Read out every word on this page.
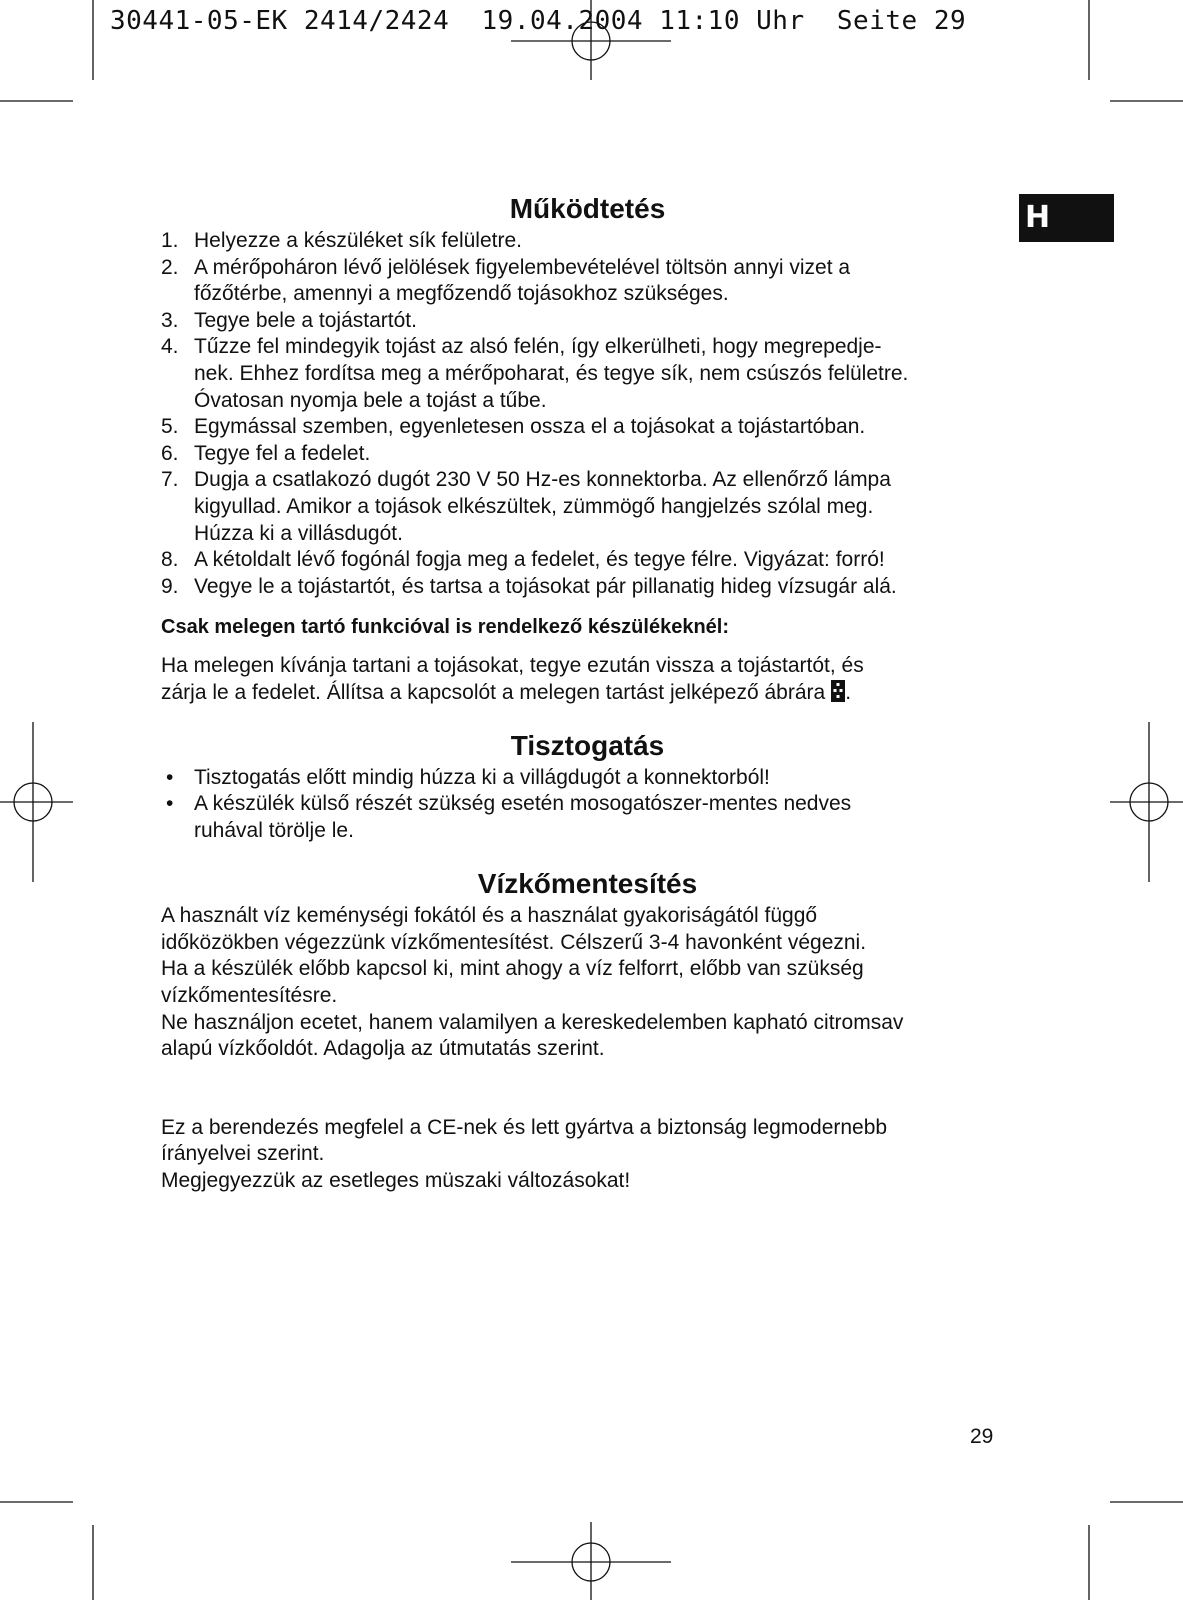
30441-05-EK 2414/2424  19.04.2004 11:10 Uhr  Seite 29

H
Működtetés
1. Helyezze a készüléket sík felületre.
2. A mérőpoháron lévő jelölések figyelembevételével töltsön annyi vizet a
főzőtérbe, amennyi a megfőzendő tojásokhoz szükséges.
3. Tegye bele a tojástartót.
4. Tűzze fel mindegyik tojást az alsó felén, így elkerülheti, hogy megrepedje-
nek. Ehhez fordítsa meg a mérőpoharat, és tegye sík, nem csúszós felületre.
Óvatosan nyomja bele a tojást a tűbe.
5. Egymással szemben, egyenletesen ossza el a tojásokat a tojástartóban.
6. Tegye fel a fedelet.
7. Dugja a csatlakozó dugót 230 V 50 Hz-es konnektorba. Az ellenőrző lámpa
kigyullad. Amikor a tojások elkészültek, zümmögő hangjelzés szólal meg.
Húzza ki a villásdugót.
8. A kétoldalt lévő fogónál fogja meg a fedelet, és tegye félre. Vigyázat: forró!
9. Vegye le a tojástartót, és tartsa a tojásokat pár pillanatig hideg vízsugár alá.

Csak melegen tartó funkcióval is rendelkező készülékeknél:

Ha melegen kívánja tartani a tojásokat, tegye ezután vissza a tojástartót, és
zárja le a fedelet. Állítsa a kapcsolót a melegen tartást jelképező ábrára .
Tisztogatás
• Tisztogatás előtt mindig húzza ki a villágdugót a konnektorból!
• A készülék külső részét szükség esetén mosogatószer-mentes nedves
ruhával törölje le.
Vízkőmentesítés
A használt víz keménységi fokától és a használat gyakoriságától függő
időközökben végezzünk vízkőmentesítést. Célszerű 3-4 havonként végezni.
Ha a készülék előbb kapcsol ki, mint ahogy a víz felforrt, előbb van szükség
vízkőmentesítésre.
Ne használjon ecetet, hanem valamilyen a kereskedelemben kapható citromsav
alapú vízkőoldót. Adagolja az útmutatás szerint.
Ez a berendezés megfelel a CE-nek és lett gyártva a biztonság legmodernebb
írányelvei szerint.
Megjegyezzük az esetleges müszaki változásokat!

29
